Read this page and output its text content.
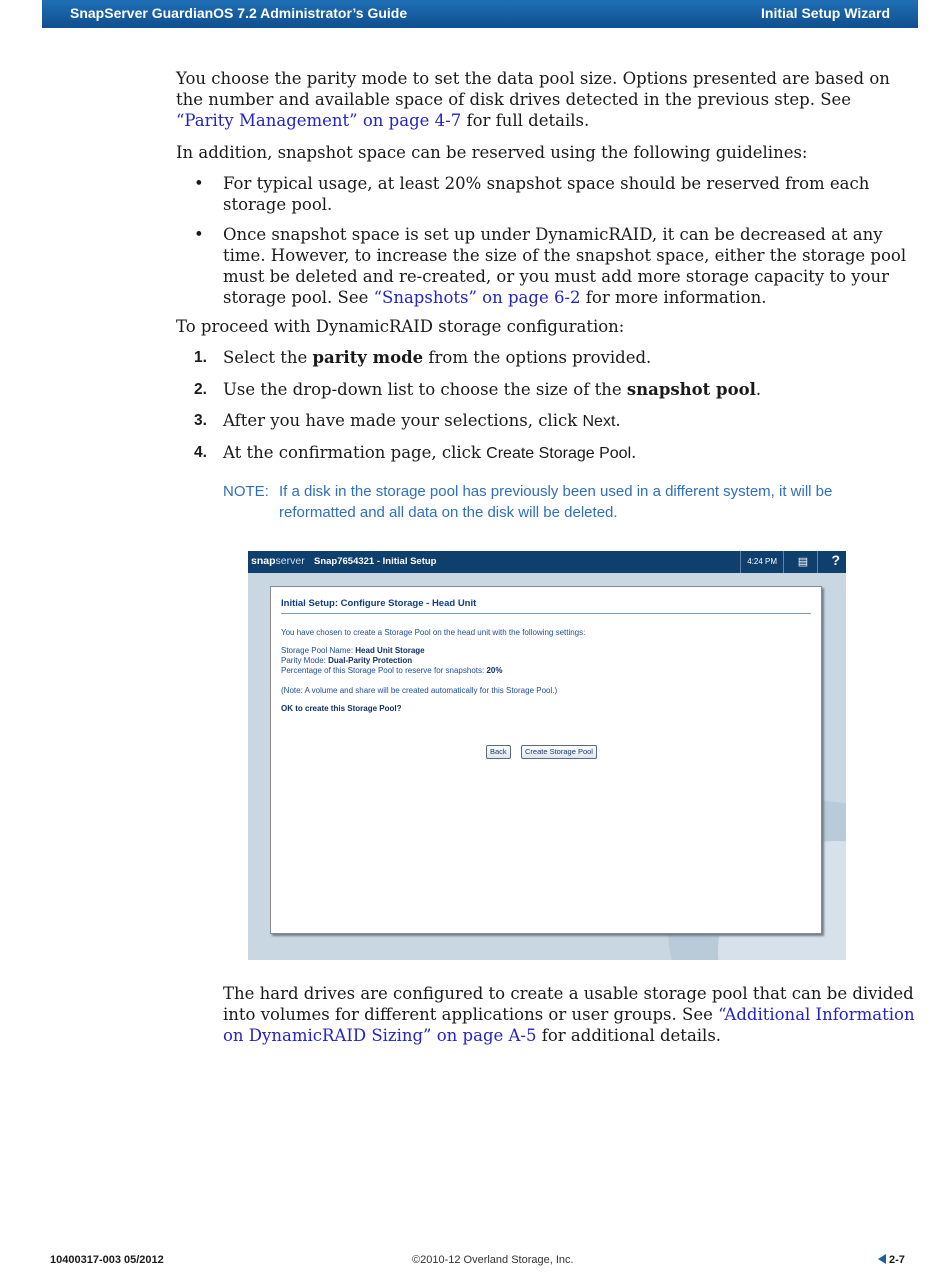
SnapServer GuardianOS 7.2 Administrator’s Guide	Initial Setup Wizard
You choose the parity mode to set the data pool size. Options presented are based on the number and available space of disk drives detected in the previous step. See “Parity Management” on page 4-7 for full details.
In addition, snapshot space can be reserved using the following guidelines:
• For typical usage, at least 20% snapshot space should be reserved from each storage pool.
• Once snapshot space is set up under DynamicRAID, it can be decreased at any time. However, to increase the size of the snapshot space, either the storage pool must be deleted and re-created, or you must add more storage capacity to your storage pool. See “Snapshots” on page 6-2 for more information.
To proceed with DynamicRAID storage configuration:
1. Select the parity mode from the options provided.
2. Use the drop-down list to choose the size of the snapshot pool.
3. After you have made your selections, click Next.
4. At the confirmation page, click Create Storage Pool.
NOTE: If a disk in the storage pool has previously been used in a different system, it will be reformatted and all data on the disk will be deleted.
snapserver Snap7654321 - Initial Setup	4:24 PM	▤	?
Initial Setup: Configure Storage - Head Unit
You have chosen to create a Storage Pool on the head unit with the following settings:
Storage Pool Name: Head Unit Storage
Parity Mode: Dual-Parity Protection
Percentage of this Storage Pool to reserve for snapshots: 20%
(Note: A volume and share will be created automatically for this Storage Pool.)
OK to create this Storage Pool?
Back	Create Storage Pool
The hard drives are configured to create a usable storage pool that can be divided into volumes for different applications or user groups. See “Additional Information on DynamicRAID Sizing” on page A-5 for additional details.
10400317-003 05/2012	©2010-12 Overland Storage, Inc.	2-7
